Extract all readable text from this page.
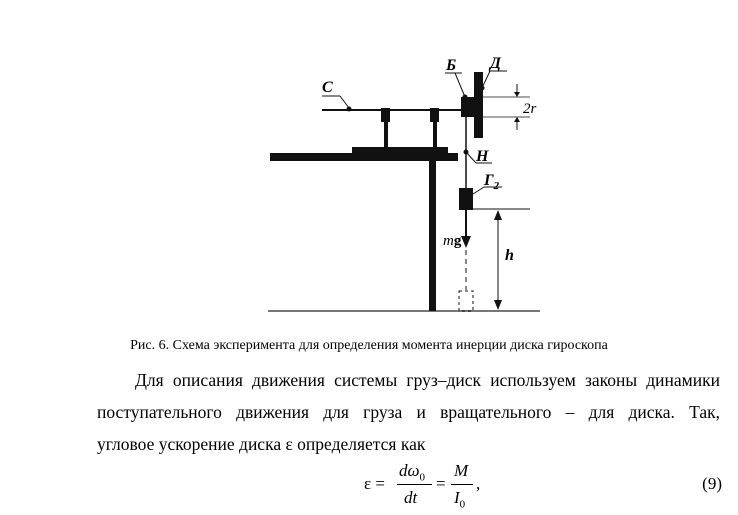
С
Б Д
2r
Н
$Г_2$
mg
h
Рис. 6. Схема эксперимента для определения момента инерции диска гироскопа
Для описания движения системы груз–диск используем законы динамики
поступательного движения для груза и вращательного – для диска. Так,
угловое ускорение диска ε определяется как
ε =
$d\omega_0$
dt
=
M
$I_0$
,	(9)
